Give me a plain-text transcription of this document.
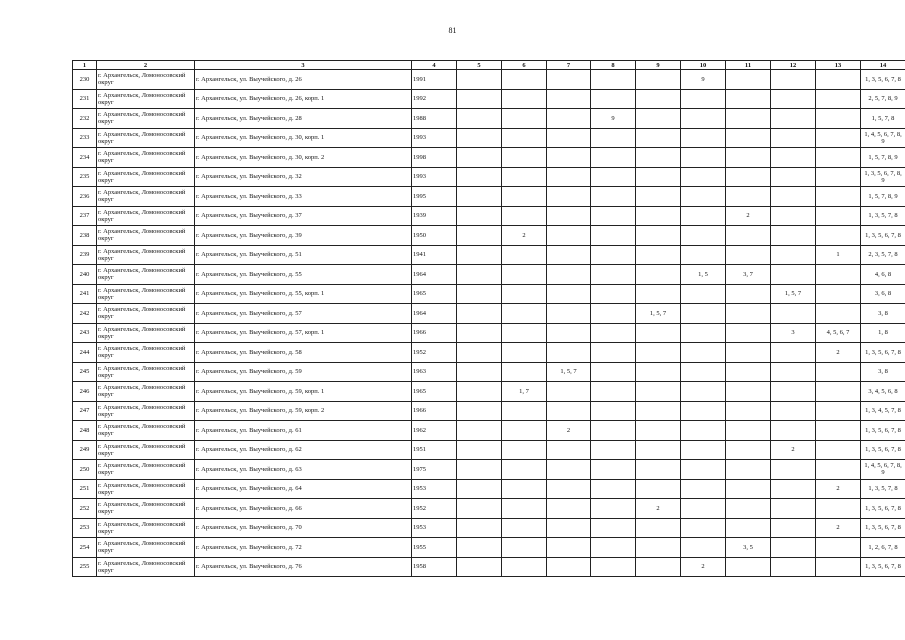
81
1	2	3	4	5	6	7	8	9	10	11	12	13	14
230	г. Архангельск, Ломоносовский округ	г. Архангельск, ул. Выучейского, д. 26	1991						9				1, 3, 5, 6, 7, 8
231	г. Архангельск, Ломоносовский округ	г. Архангельск, ул. Выучейского, д. 26, корп. 1	1992										2, 5, 7, 8, 9
232	г. Архангельск, Ломоносовский округ	г. Архангельск, ул. Выучейского, д. 28	1988				9						1, 5, 7, 8
233	г. Архангельск, Ломоносовский округ	г. Архангельск, ул. Выучейского, д. 30, корп. 1	1993										1, 4, 5, 6, 7, 8, 9
234	г. Архангельск, Ломоносовский округ	г. Архангельск, ул. Выучейского, д. 30, корп. 2	1998										1, 5, 7, 8, 9
235	г. Архангельск, Ломоносовский округ	г. Архангельск, ул. Выучейского, д. 32	1993										1, 3, 5, 6, 7, 8, 9
236	г. Архангельск, Ломоносовский округ	г. Архангельск, ул. Выучейского, д. 33	1995										1, 5, 7, 8, 9
237	г. Архангельск, Ломоносовский округ	г. Архангельск, ул. Выучейского, д. 37	1939							2			1, 3, 5, 7, 8
238	г. Архангельск, Ломоносовский округ	г. Архангельск, ул. Выучейского, д. 39	1950		2								1, 3, 5, 6, 7, 8
239	г. Архангельск, Ломоносовский округ	г. Архангельск, ул. Выучейского, д. 51	1941									1	2, 3, 5, 7, 8
240	г. Архангельск, Ломоносовский округ	г. Архангельск, ул. Выучейского, д. 55	1964						1, 5	3, 7			4, 6, 8
241	г. Архангельск, Ломоносовский округ	г. Архангельск, ул. Выучейского, д. 55, корп. 1	1965								1, 5, 7		3, 6, 8
242	г. Архангельск, Ломоносовский округ	г. Архангельск, ул. Выучейского, д. 57	1964					1, 5, 7					3, 8
243	г. Архангельск, Ломоносовский округ	г. Архангельск, ул. Выучейского, д. 57, корп. 1	1966								3	4, 5, 6, 7	1, 8
244	г. Архангельск, Ломоносовский округ	г. Архангельск, ул. Выучейского, д. 58	1952									2	1, 3, 5, 6, 7, 8
245	г. Архангельск, Ломоносовский округ	г. Архангельск, ул. Выучейского, д. 59	1963			1, 5, 7							3, 8
246	г. Архангельск, Ломоносовский округ	г. Архангельск, ул. Выучейского, д. 59, корп. 1	1965		1, 7								3, 4, 5, 6, 8
247	г. Архангельск, Ломоносовский округ	г. Архангельск, ул. Выучейского, д. 59, корп. 2	1966										1, 3, 4, 5, 7, 8
248	г. Архангельск, Ломоносовский округ	г. Архангельск, ул. Выучейского, д. 61	1962			2							1, 3, 5, 6, 7, 8
249	г. Архангельск, Ломоносовский округ	г. Архангельск, ул. Выучейского, д. 62	1951								2		1, 3, 5, 6, 7, 8
250	г. Архангельск, Ломоносовский округ	г. Архангельск, ул. Выучейского, д. 63	1975										1, 4, 5, 6, 7, 8, 9
251	г. Архангельск, Ломоносовский округ	г. Архангельск, ул. Выучейского, д. 64	1953									2	1, 3, 5, 7, 8
252	г. Архангельск, Ломоносовский округ	г. Архангельск, ул. Выучейского, д. 66	1952					2					1, 3, 5, 6, 7, 8
253	г. Архангельск, Ломоносовский округ	г. Архангельск, ул. Выучейского, д. 70	1953									2	1, 3, 5, 6, 7, 8
254	г. Архангельск, Ломоносовский округ	г. Архангельск, ул. Выучейского, д. 72	1955							3, 5			1, 2, 6, 7, 8
255	г. Архангельск, Ломоносовский округ	г. Архангельск, ул. Выучейского, д. 76	1958						2				1, 3, 5, 6, 7, 8
